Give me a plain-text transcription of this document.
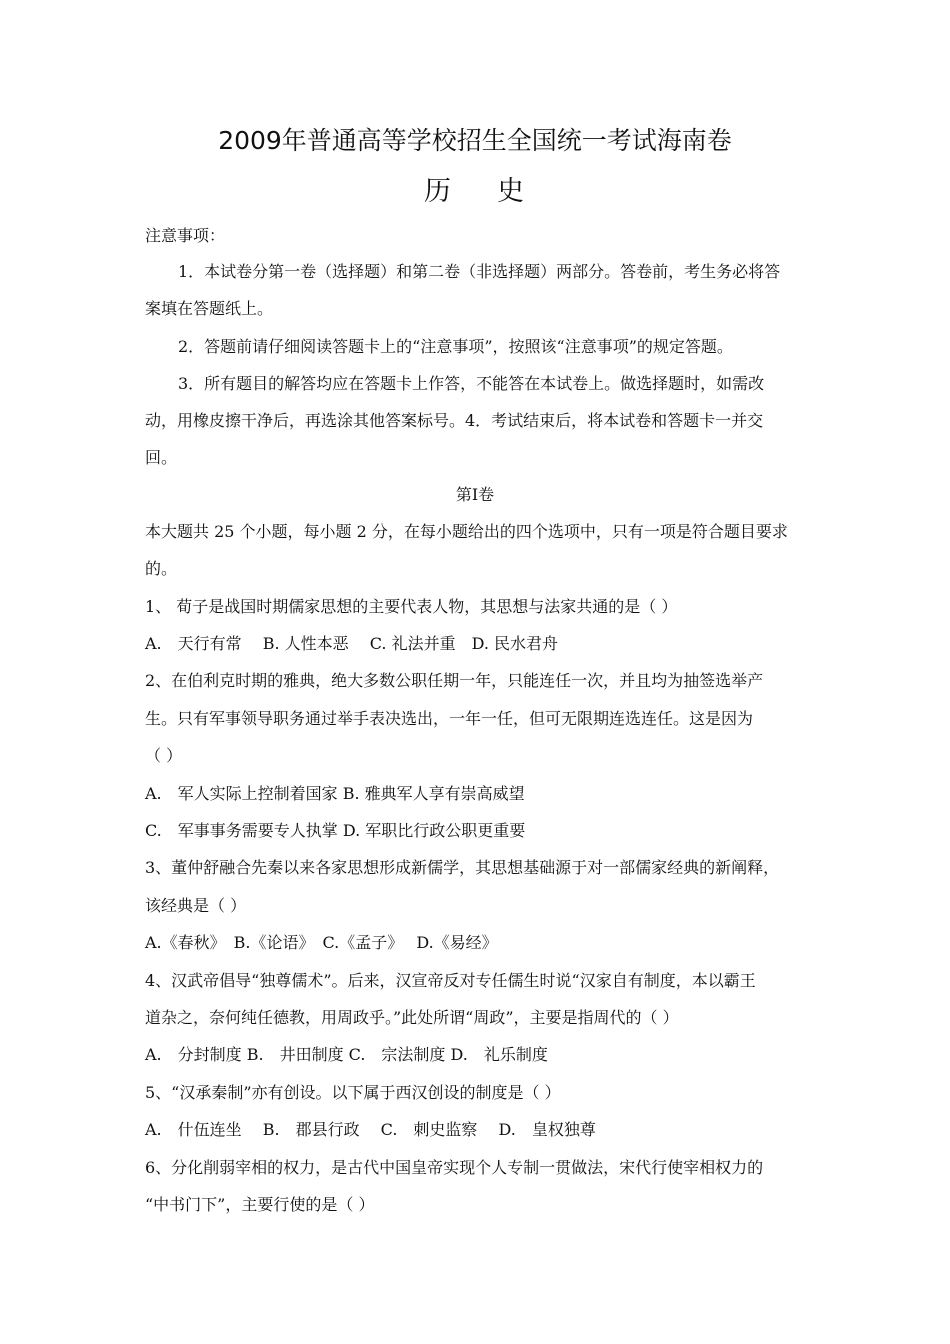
2009年普通高等学校招生全国统一考试海南卷
历 史
注意事项：
1．本试卷分第一卷（选择题）和第二卷（非选择题）两部分。答卷前，考生务必将答
案填在答题纸上。
2．答题前请仔细阅读答题卡上的“注意事项”，按照该“注意事项”的规定答题。
3．所有题目的解答均应在答题卡上作答，不能答在本试卷上。做选择题时，如需改
动，用橡皮擦干净后，再选涂其他答案标号。4．考试结束后，将本试卷和答题卡一并交
回。
第Ⅰ卷
本大题共 25 个小题，每小题 2 分，在每小题给出的四个选项中，只有一项是符合题目要求
的。
1、 荀子是战国时期儒家思想的主要代表人物，其思想与法家共通的是（ ）
A.　天行有常　 B. 人性本恶　 C. 礼法并重　D. 民水君舟
2、在伯利克时期的雅典，绝大多数公职任期一年，只能连任一次，并且均为抽签选举产
生。只有军事领导职务通过举手表决选出，一年一任，但可无限期连选连任。这是因为
（ ）
A.　军人实际上控制着国家 B. 雅典军人享有崇高威望
C.　军事事务需要专人执掌 D. 军职比行政公职更重要
3、董仲舒融合先秦以来各家思想形成新儒学，其思想基础源于对一部儒家经典的新阐释，
该经典是（ ）
A.《春秋》　B.《论语》　C.《孟子》　 D.《易经》
4、汉武帝倡导“独尊儒术”。后来，汉宣帝反对专任儒生时说“汉家自有制度，本以霸王
道杂之，奈何纯任德教，用周政乎。”此处所谓“周政”，主要是指周代的（ ）
A.　分封制度 B.　井田制度 C.　宗法制度 D.　礼乐制度
5、“汉承秦制”亦有创设。以下属于西汉创设的制度是（ ）
A.　什伍连坐　 B.　郡县行政　 C.　刺史监察　 D.　皇权独尊
6、分化削弱宰相的权力，是古代中国皇帝实现个人专制一贯做法，宋代行使宰相权力的
“中书门下”，主要行使的是（ ）
